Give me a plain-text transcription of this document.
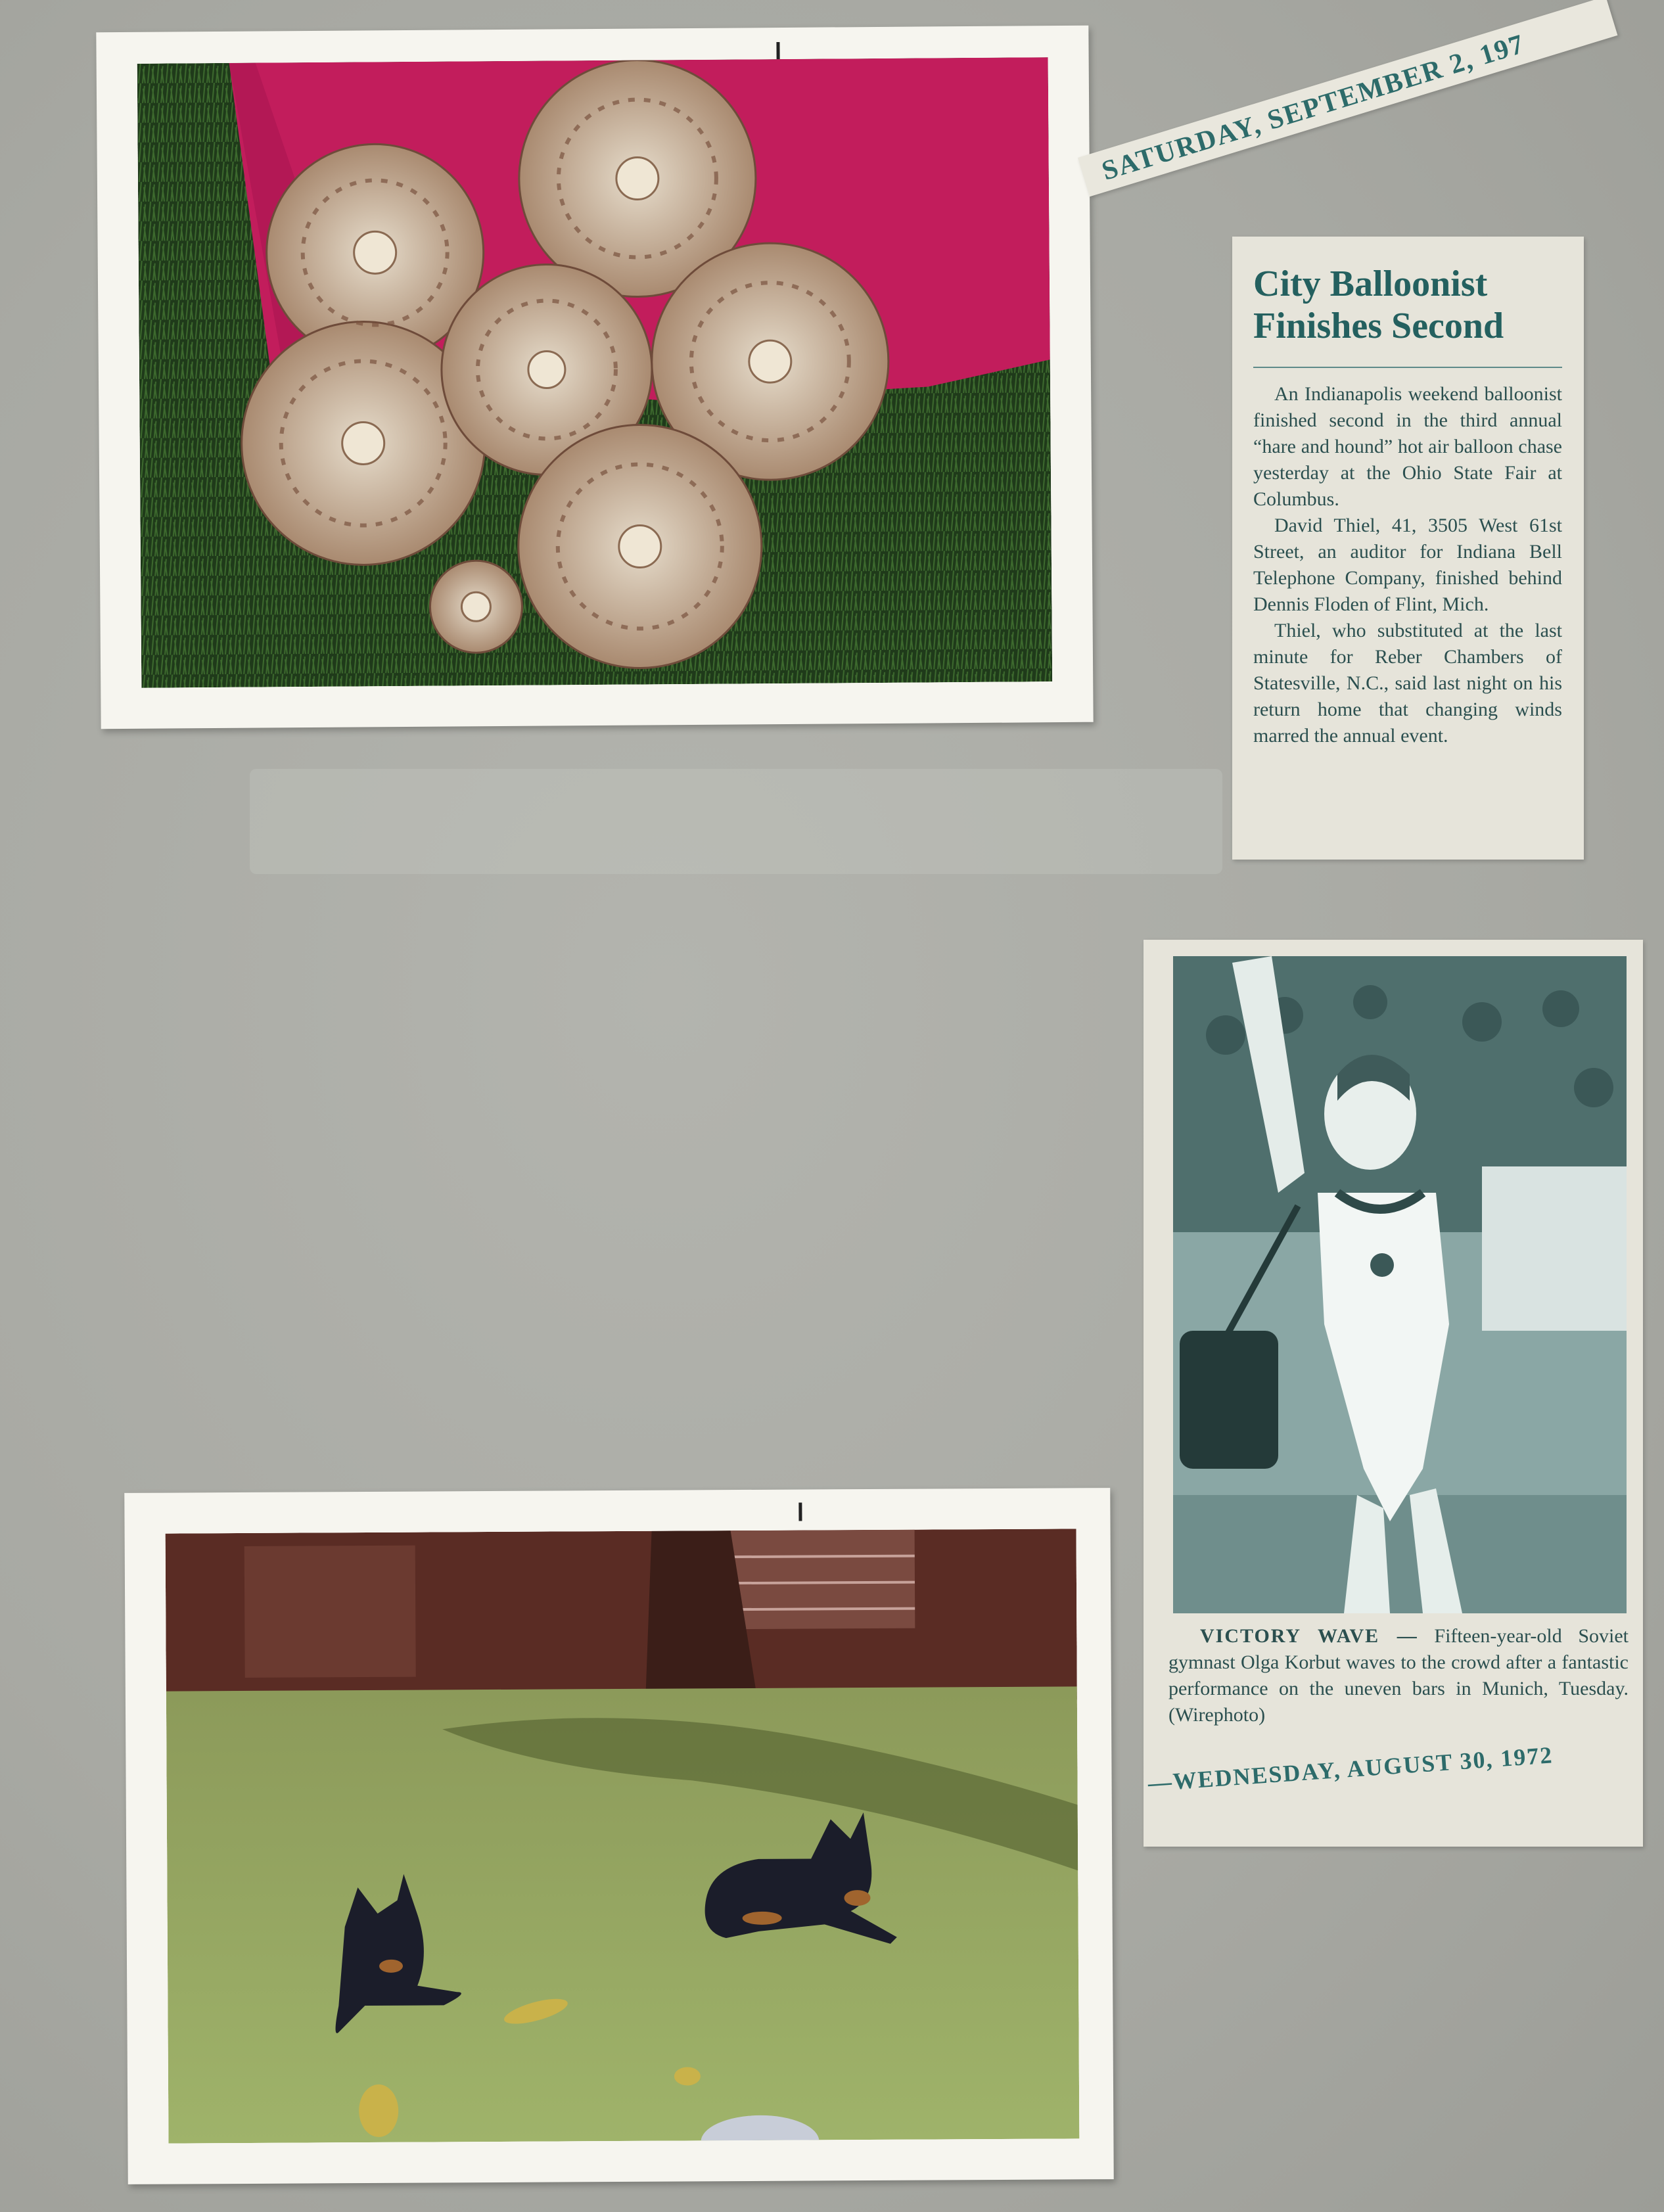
SATURDAY, SEPTEMBER 2, 197
City Balloonist
Finishes Second

An Indianapolis weekend balloonist finished second in the third annual “hare and hound” hot air balloon chase yesterday at the Ohio State Fair at Columbus.

David Thiel, 41, 3505 West 61st Street, an auditor for Indiana Bell Telephone Company, finished behind Dennis Floden of Flint, Mich.

Thiel, who substituted at the last minute for Reber Chambers of Statesville, N.C., said last night on his return home that changing winds marred the annual event.

VICTORY WAVE — Fifteen-year-old Soviet gymnast Olga Korbut waves to the crowd after a fantastic performance on the uneven bars in Munich, Tuesday. (Wirephoto)
—WEDNESDAY, AUGUST 30, 1972
